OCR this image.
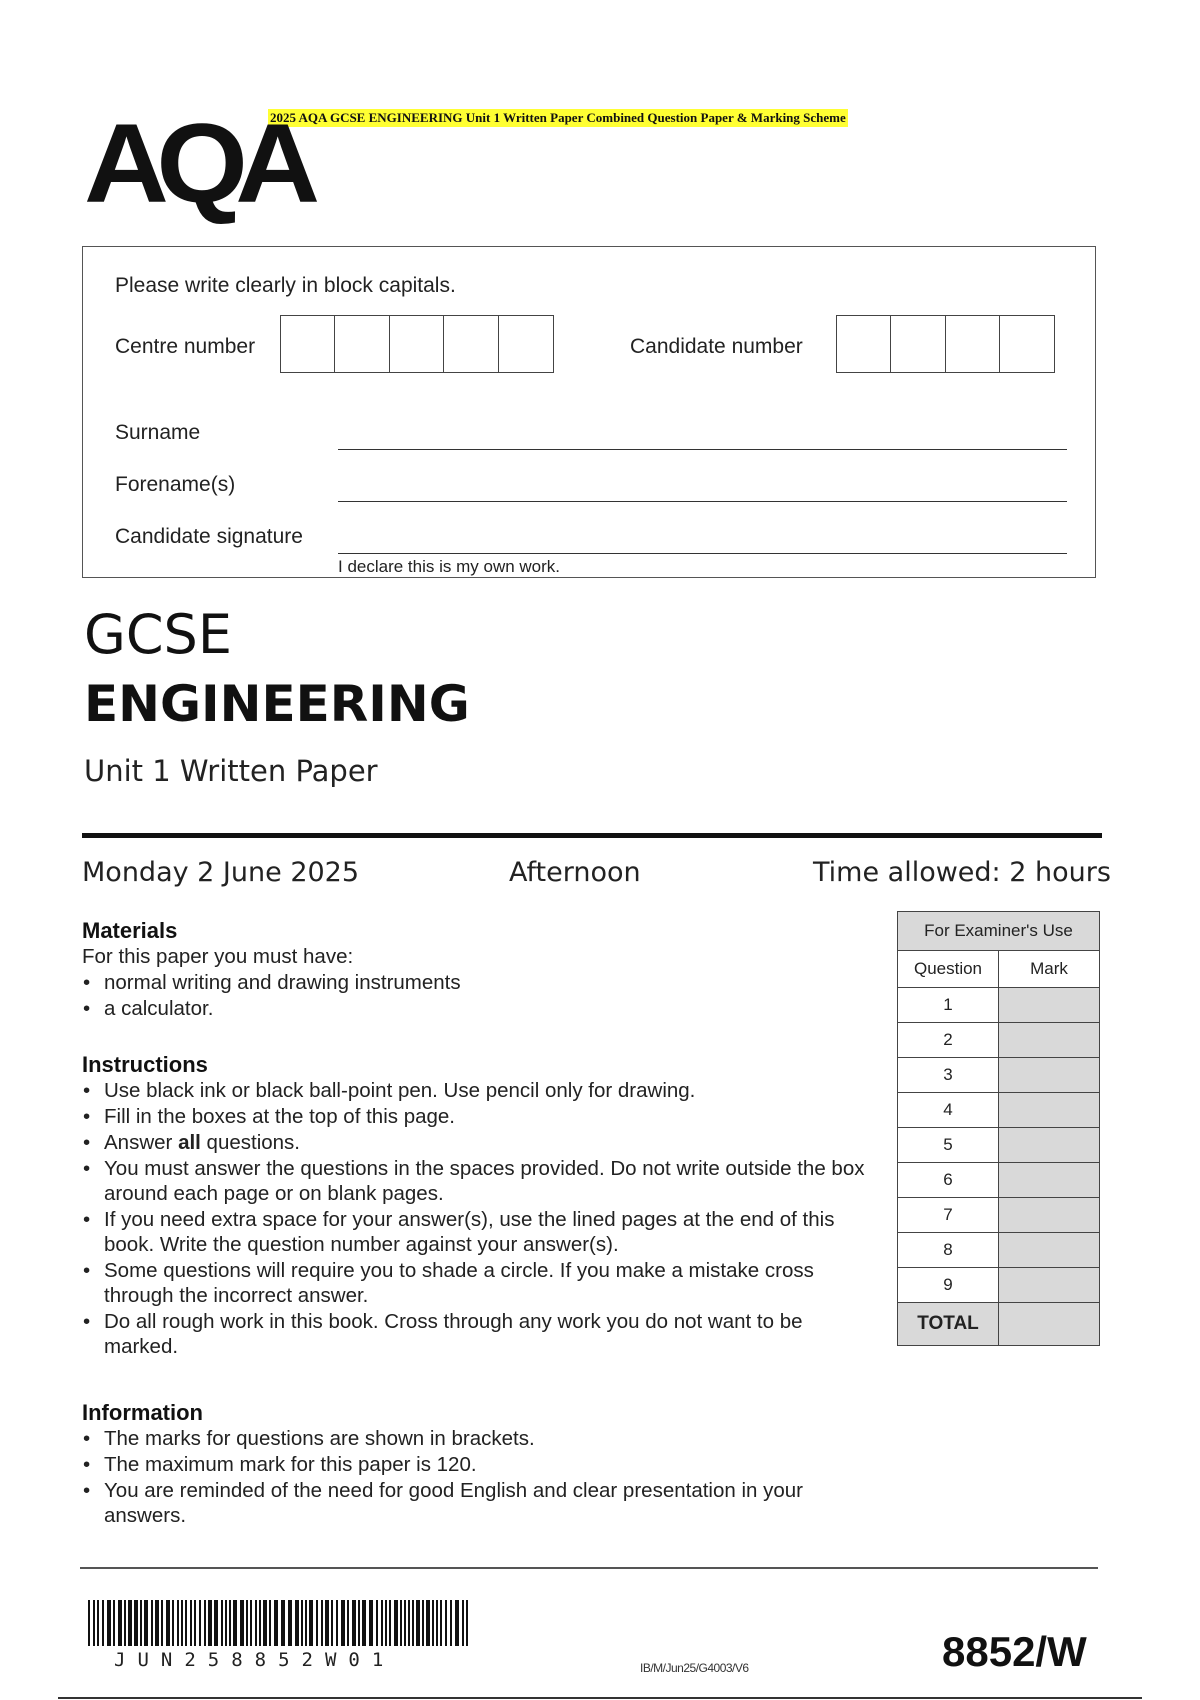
2025 AQA GCSE ENGINEERING Unit 1 Written Paper Combined Question Paper & Marking Scheme
AQA
Please write clearly in block capitals.
Centre number	Candidate number
Surname
Forename(s)
Candidate signature
I declare this is my own work.
GCSE
ENGINEERING
Unit 1 Written Paper
Monday 2 June 2025	Afternoon	Time allowed: 2 hours
Materials
For this paper you must have:
• normal writing and drawing instruments
• a calculator.
Instructions
• Use black ink or black ball-point pen. Use pencil only for drawing.
• Fill in the boxes at the top of this page.
• Answer all questions.
• You must answer the questions in the spaces provided. Do not write outside the box around each page or on blank pages.
• If you need extra space for your answer(s), use the lined pages at the end of this book. Write the question number against your answer(s).
• Some questions will require you to shade a circle. If you make a mistake cross through the incorrect answer.
• Do all rough work in this book. Cross through any work you do not want to be marked.
Information
• The marks for questions are shown in brackets.
• The maximum mark for this paper is 120.
• You are reminded of the need for good English and clear presentation in your answers.
For Examiner's Use	
Question	Mark
1	
2	
3	
4	
5	
6	
7	
8	
9	
TOTAL	
JUN258852W01	IB/M/Jun25/G4003/V6	8852/W
